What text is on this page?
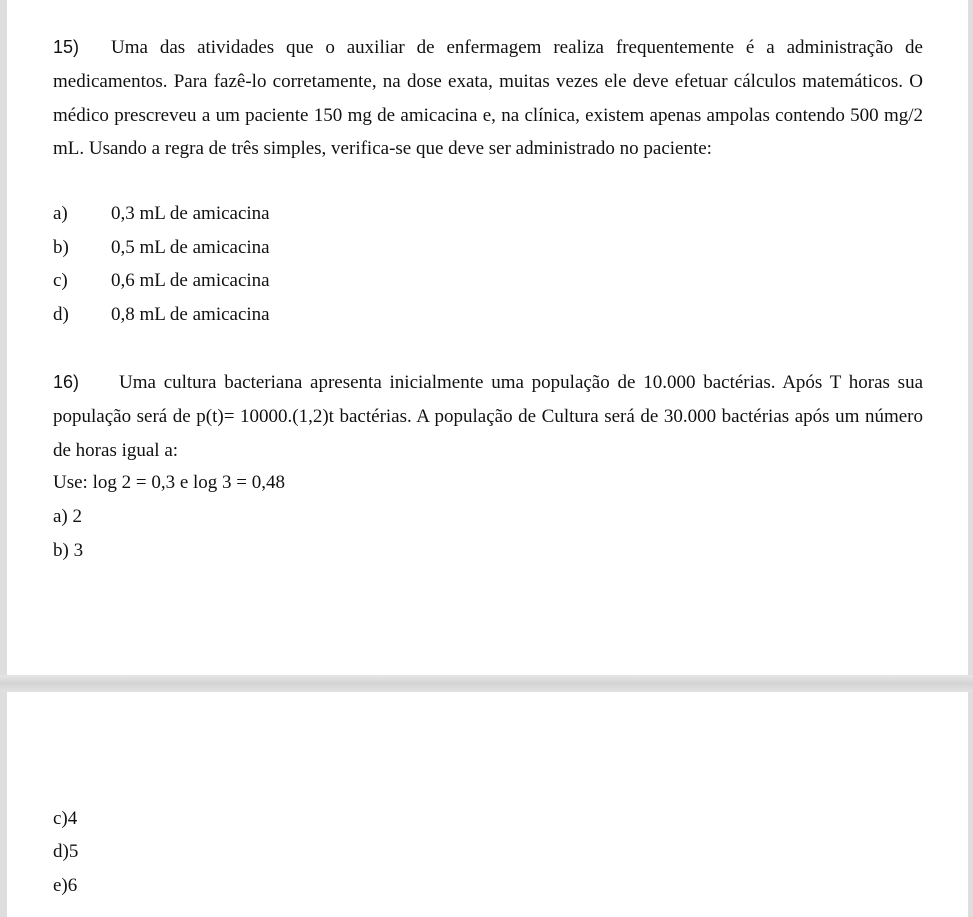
15) Uma das atividades que o auxiliar de enfermagem realiza frequentemente é a administração de medicamentos. Para fazê-lo corretamente, na dose exata, muitas vezes ele deve efetuar cálculos matemáticos. O médico prescreveu a um paciente 150 mg de amicacina e, na clínica, existem apenas ampolas contendo 500 mg/2 mL. Usando a regra de três simples, verifica-se que deve ser administrado no paciente:
a) 0,3 mL de amicacina
b) 0,5 mL de amicacina
c) 0,6 mL de amicacina
d) 0,8 mL de amicacina
16) Uma cultura bacteriana apresenta inicialmente uma população de 10.000 bactérias. Após T horas sua população será de p(t)= 10000.(1,2)t bactérias. A população de Cultura será de 30.000 bactérias após um número de horas igual a:
Use: log 2 = 0,3 e log 3 = 0,48
a) 2
b) 3
c)4
d)5
e)6
